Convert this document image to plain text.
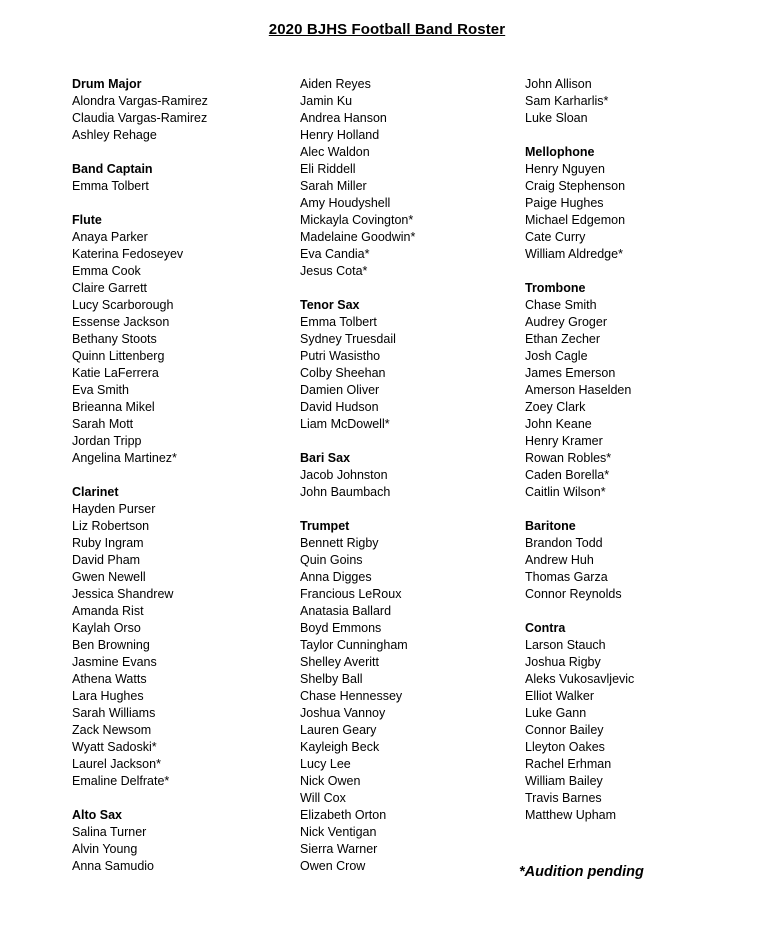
2020 BJHS Football Band Roster
Drum Major
Alondra Vargas-Ramirez
Claudia Vargas-Ramirez
Ashley Rehage
Band Captain
Emma Tolbert
Flute
Anaya Parker
Katerina Fedoseyev
Emma Cook
Claire Garrett
Lucy Scarborough
Essense Jackson
Bethany Stoots
Quinn Littenberg
Katie LaFerrera
Eva Smith
Brieanna Mikel
Sarah Mott
Jordan Tripp
Angelina Martinez*
Clarinet
Hayden Purser
Liz Robertson
Ruby Ingram
David Pham
Gwen Newell
Jessica Shandrew
Amanda Rist
Kaylah Orso
Ben Browning
Jasmine Evans
Athena Watts
Lara Hughes
Sarah Williams
Zack Newsom
Wyatt Sadoski*
Laurel Jackson*
Emaline Delfrate*
Alto Sax
Salina Turner
Alvin Young
Anna Samudio
Aiden Reyes
Jamin Ku
Andrea Hanson
Henry Holland
Alec Waldon
Eli Riddell
Sarah Miller
Amy Houdyshell
Mickayla Covington*
Madelaine Goodwin*
Eva Candia*
Jesus Cota*
Tenor Sax
Emma Tolbert
Sydney Truesdail
Putri Wasistho
Colby Sheehan
Damien Oliver
David Hudson
Liam McDowell*
Bari Sax
Jacob Johnston
John Baumbach
Trumpet
Bennett Rigby
Quin Goins
Anna Digges
Francious LeRoux
Anatasia Ballard
Boyd Emmons
Taylor Cunningham
Shelley Averitt
Shelby Ball
Chase Hennessey
Joshua Vannoy
Lauren Geary
Kayleigh Beck
Lucy Lee
Nick Owen
Will Cox
Elizabeth Orton
Nick Ventigan
Sierra Warner
Owen Crow
John Allison
Sam Karharlis*
Luke Sloan
Mellophone
Henry Nguyen
Craig Stephenson
Paige Hughes
Michael Edgemon
Cate Curry
William Aldredge*
Trombone
Chase Smith
Audrey Groger
Ethan Zecher
Josh Cagle
James Emerson
Amerson Haselden
Zoey Clark
John Keane
Henry Kramer
Rowan Robles*
Caden Borella*
Caitlin Wilson*
Baritone
Brandon Todd
Andrew Huh
Thomas Garza
Connor Reynolds
Contra
Larson Stauch
Joshua Rigby
Aleks Vukosavljevic
Elliot Walker
Luke Gann
Connor Bailey
Lleyton Oakes
Rachel Erhman
William Bailey
Travis Barnes
Matthew Upham
*Audition pending
